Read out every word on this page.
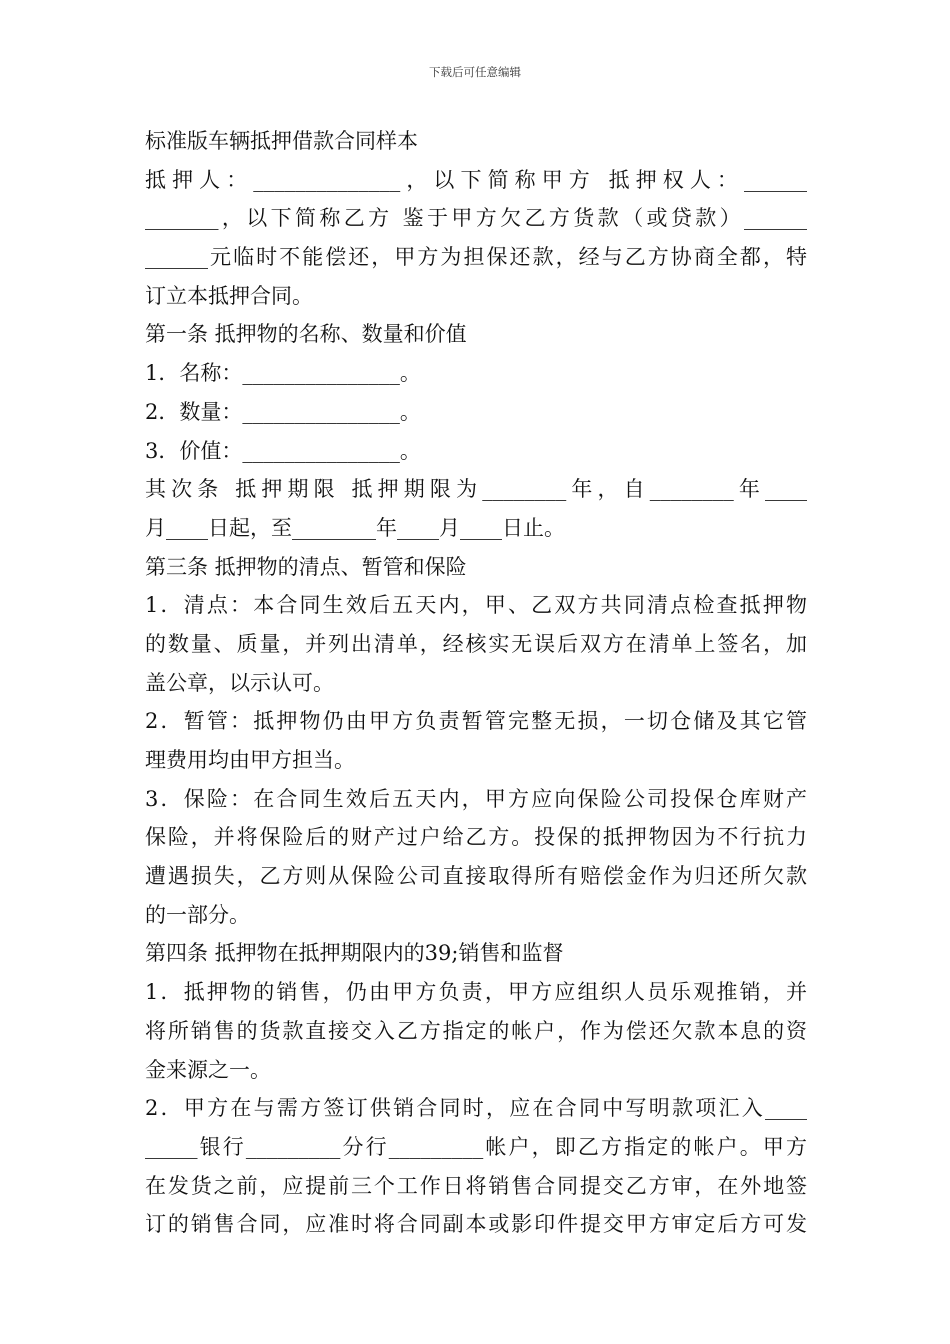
下载后可任意编辑
标准版车辆抵押借款合同样本
抵押人：______________，以下简称甲方 抵押权人：______
_______，以下简称乙方 鉴于甲方欠乙方货款（或贷款）______
______元临时不能偿还，甲方为担保还款，经与乙方协商全都，特
订立本抵押合同。
第一条 抵押物的名称、数量和价值
1．名称：_______________。
2．数量：_______________。
3．价值：_______________。
其次条 抵押期限 抵押期限为________年，自________年____
月____日起，至________年____月____日止。
第三条 抵押物的清点、暂管和保险
1．清点：本合同生效后五天内，甲、乙双方共同清点检查抵押物
的数量、质量，并列出清单，经核实无误后双方在清单上签名，加
盖公章，以示认可。
2．暂管：抵押物仍由甲方负责暂管完整无损，一切仓储及其它管
理费用均由甲方担当。
3．保险：在合同生效后五天内，甲方应向保险公司投保仓库财产
保险，并将保险后的财产过户给乙方。投保的抵押物因为不行抗力
遭遇损失，乙方则从保险公司直接取得所有赔偿金作为归还所欠款
的一部分。
第四条 抵押物在抵押期限内的39;销售和监督
1．抵押物的销售，仍由甲方负责，甲方应组织人员乐观推销，并
将所销售的货款直接交入乙方指定的帐户，作为偿还欠款本息的资
金来源之一。
2．甲方在与需方签订供销合同时，应在合同中写明款项汇入____
_____银行_________分行_________帐户，即乙方指定的帐户。甲方
在发货之前，应提前三个工作日将销售合同提交乙方审，在外地签
订的销售合同，应准时将合同副本或影印件提交甲方审定后方可发
